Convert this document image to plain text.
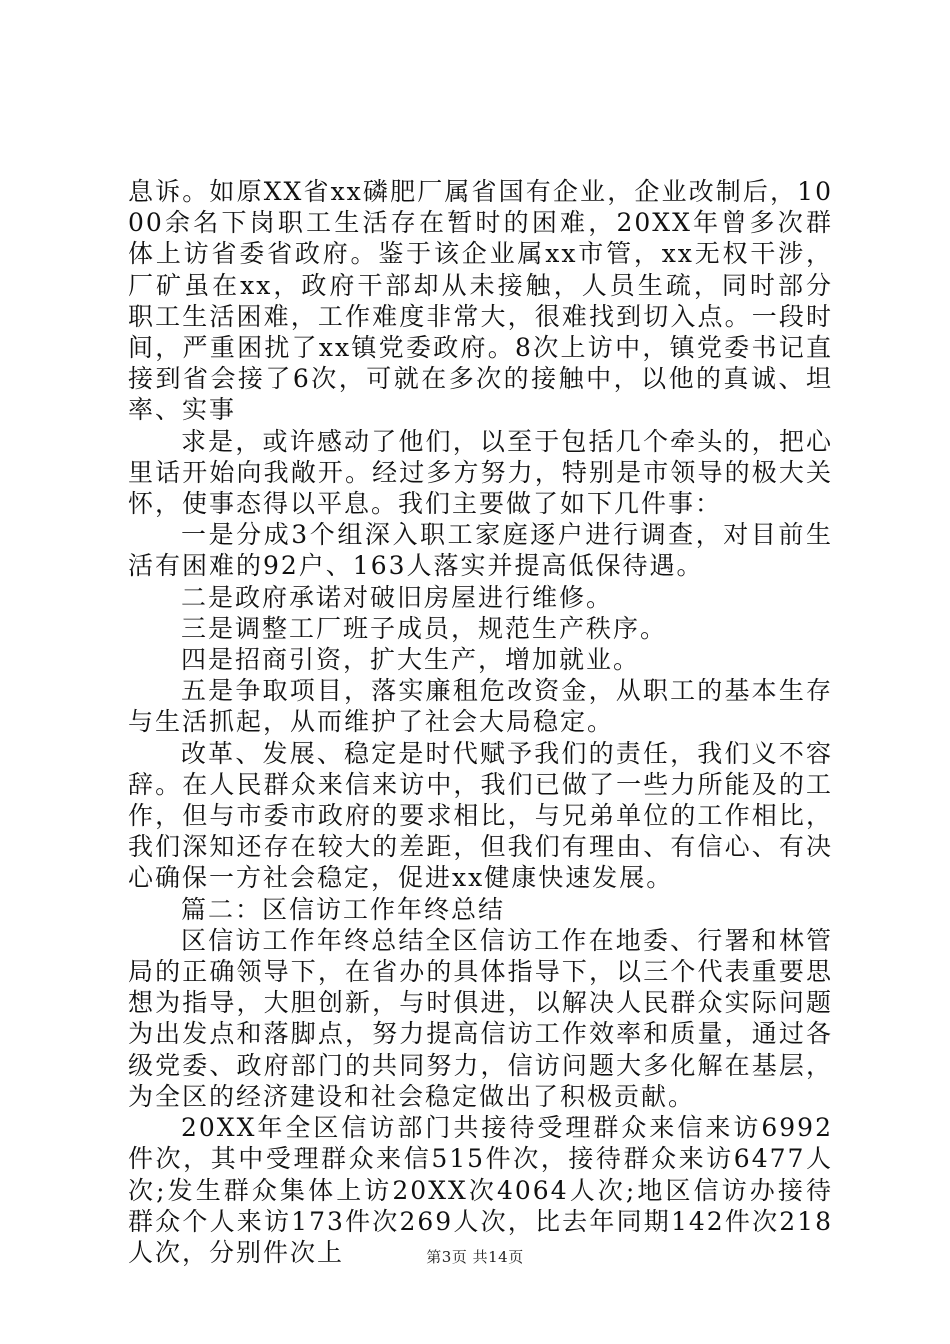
息诉。如原XX省xx磷肥厂属省国有企业，企业改制后，1000余名下岗职工生活存在暂时的困难，20XX年曾多次群体上访省委省政府。鉴于该企业属xx市管，xx无权干涉，厂矿虽在xx，政府干部却从未接触，人员生疏，同时部分职工生活困难，工作难度非常大，很难找到切入点。一段时间，严重困扰了xx镇党委政府。8次上访中，镇党委书记直接到省会接了6次，可就在多次的接触中，以他的真诚、坦率、实事

求是，或许感动了他们，以至于包括几个牵头的，把心里话开始向我敞开。经过多方努力，特别是市领导的极大关怀，使事态得以平息。我们主要做了如下几件事：

一是分成3个组深入职工家庭逐户进行调查，对目前生活有困难的92户、163人落实并提高低保待遇。

二是政府承诺对破旧房屋进行维修。

三是调整工厂班子成员，规范生产秩序。

四是招商引资，扩大生产，增加就业。

五是争取项目，落实廉租危改资金，从职工的基本生存与生活抓起，从而维护了社会大局稳定。

改革、发展、稳定是时代赋予我们的责任，我们义不容辞。在人民群众来信来访中，我们已做了一些力所能及的工作，但与市委市政府的要求相比，与兄弟单位的工作相比，我们深知还存在较大的差距，但我们有理由、有信心、有决心确保一方社会稳定，促进xx健康快速发展。

篇二：区信访工作年终总结

区信访工作年终总结全区信访工作在地委、行署和林管局的正确领导下，在省办的具体指导下，以三个代表重要思想为指导，大胆创新，与时俱进，以解决人民群众实际问题为出发点和落脚点，努力提高信访工作效率和质量，通过各级党委、政府部门的共同努力，信访问题大多化解在基层，为全区的经济建设和社会稳定做出了积极贡献。

20XX年全区信访部门共接待受理群众来信来访6992件次，其中受理群众来信515件次，接待群众来访6477人次;发生群众集体上访20XX次4064人次;地区信访办接待群众个人来访173件次269人次，比去年同期142件次218人次，分别件次上	第3页 共14页
